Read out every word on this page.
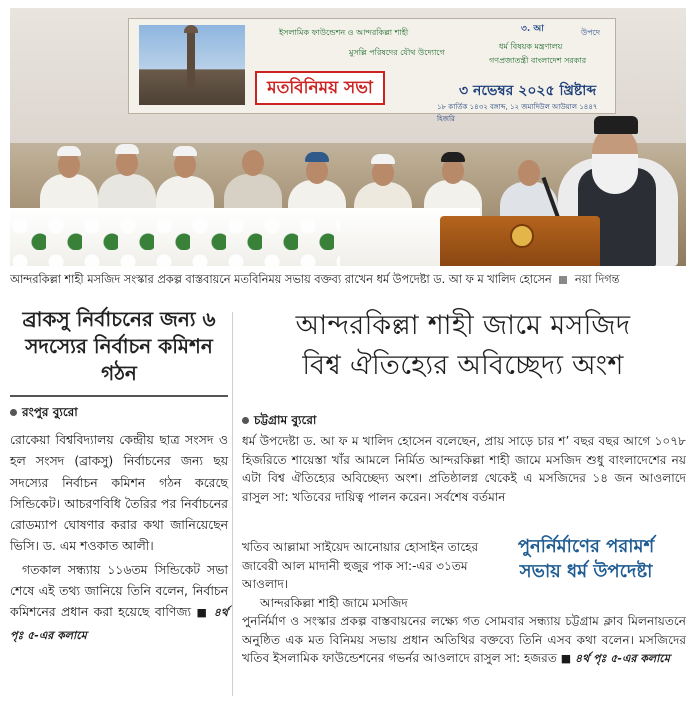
৩. আ	উপদে
ইসলামিক ফাউন্ডেশন ও আন্দরকিল্লা শাহী
মুসল্লি পরিষদের যৌথ উদ্যোগে
ধর্ম বিষয়ক মন্ত্রণালয়
গণপ্রজাতন্ত্রী বাংলাদেশ সরকার
মতবিনিময় সভা	৩ নভেম্বর ২০২৫ খ্রিষ্টাব্দ
১৮ কার্তিক ১৪৩২ বঙ্গাব্দ, ১২ জমাদিউল আউয়াল ১৪৪৭ হিজরি
আন্দরকিল্লা শাহী মসজিদ সংস্কার প্রকল্প বাস্তবায়নে মতবিনিময় সভায় বক্তব্য রাখেন ধর্ম উপদেষ্টা ড. আ ফ ম খালিদ হোসেন নয়া দিগন্ত
ব্রাকসু নির্বাচনের জন্য ৬ সদস্যের নির্বাচন কমিশন গঠন
রংপুর ব্যুরো

রোকেয়া বিশ্ববিদ্যালয় কেন্দ্রীয় ছাত্র সংসদ ও হল সংসদ (ব্রাকসু) নির্বাচনের জন্য ছয় সদস্যের নির্বাচন কমিশন গঠন করেছে সিন্ডিকেট। আচরণবিধি তৈরির পর নির্বাচনের রোডম্যাপ ঘোষণার করার কথা জানিয়েছেন ভিসি। ড. এম শওকাত আলী।

গতকাল সন্ধ্যায় ১১৬তম সিন্ডিকেট সভা শেষে এই তথ্য জানিয়ে তিনি বলেন, নির্বাচন কমিশনের প্রধান করা হয়েছে বাণিজ্য ■ ৪র্থ পৃঃ ৫-এর কলামে

আন্দরকিল্লা শাহী জামে মসজিদ
বিশ্ব ঐতিহ্যের অবিচ্ছেদ্য অংশ
চট্টগ্রাম ব্যুরো
ধর্ম উপদেষ্টা ড. আ ফ ম খালিদ হোসেন বলেছেন, প্রায় সাড়ে চার শ’ বছর বছর আগে ১০৭৮ হিজরিতে শায়েস্তা খাঁর আমলে নির্মিত আন্দরকিল্লা শাহী জামে মসজিদ শুধু বাংলাদেশের নয় এটা বিশ্ব ঐতিহ্যের অবিচ্ছেদ্য অংশ। প্রতিষ্ঠালগ্ন থেকেই এ মসজিদের ১৪ জন আওলাদে রাসুল সা: খতিবের দায়িত্ব পালন করেন। সর্বশেষ বর্তমান
খতিব আল্লামা সাইয়েদ আনোয়ার হোসাইন তাহের জাবেরী আল মাদানী হুজুর পাক সা:-এর ৩১তম আওলাদ।
আন্দরকিল্লা শাহী জামে মসজিদ
পুনর্নির্মাণের পরামর্শ
সভায় ধর্ম উপদেষ্টা
পুনর্নির্মাণ ও সংস্কার প্রকল্প বাস্তবায়নের লক্ষ্যে গত সোমবার সন্ধ্যায় চট্টগ্রাম ক্লাব মিলনায়তনে অনুষ্ঠিত এক মত বিনিময় সভায় প্রধান অতিথির বক্তব্যে তিনি এসব কথা বলেন। মসজিদের খতিব ইসলামিক ফাউন্ডেশনের গভর্নর আওলাদে রাসুল সা: হজরত ■ ৪র্থ পৃঃ ৫-এর কলামে
